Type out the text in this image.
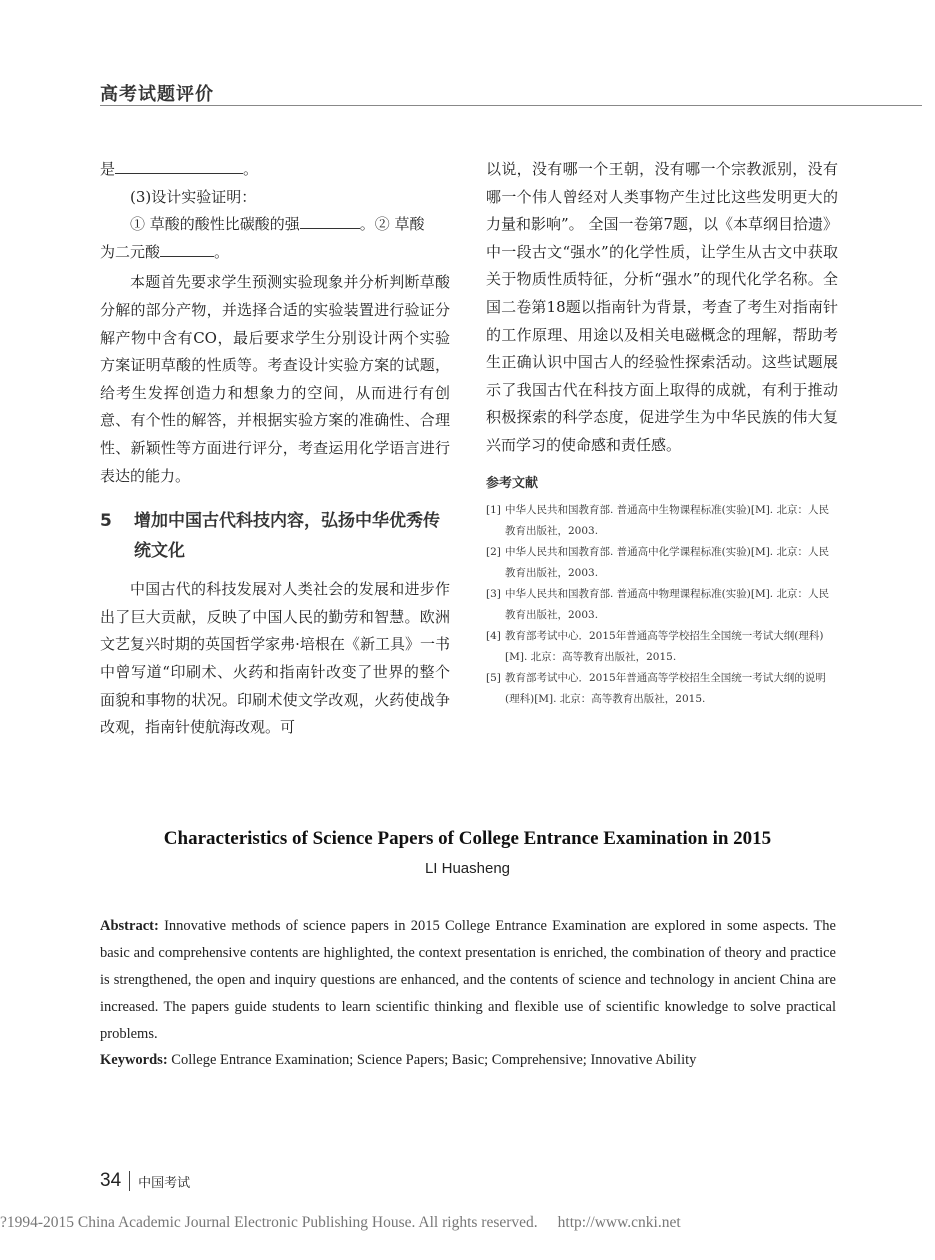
高考试题评价

是	。

(3)设计实验证明：

① 草酸的酸性比碳酸的强	。② 草酸

为二元酸	。

本题首先要求学生预测实验现象并分析判断草酸分解的部分产物，并选择合适的实验装置进行验证分解产物中含有CO，最后要求学生分别设计两个实验方案证明草酸的性质等。考查设计实验方案的试题，给考生发挥创造力和想象力的空间，从而进行有创意、有个性的解答，并根据实验方案的准确性、合理性、新颖性等方面进行评分，考查运用化学语言进行表达的能力。

5 增加中国古代科技内容，弘扬中华优秀传统文化

中国古代的科技发展对人类社会的发展和进步作出了巨大贡献，反映了中国人民的勤劳和智慧。欧洲文艺复兴时期的英国哲学家弗·培根在《新工具》一书中曾写道“印刷术、火药和指南针改变了世界的整个面貌和事物的状况。印刷术使文学改观，火药使战争改观，指南针使航海改观。可

以说，没有哪一个王朝，没有哪一个宗教派别，没有哪一个伟人曾经对人类事物产生过比这些发明更大的力量和影响”。 全国一卷第7题，以《本草纲目拾遗》中一段古文“强水”的化学性质，让学生从古文中获取关于物质性质特征，分析“强水”的现代化学名称。全国二卷第18题以指南针为背景，考查了考生对指南针的工作原理、用途以及相关电磁概念的理解，帮助考生正确认识中国古人的经验性探索活动。这些试题展示了我国古代在科技方面上取得的成就，有利于推动积极探索的科学态度，促进学生为中华民族的伟大复兴而学习的使命感和责任感。

参考文献
[1] 中华人民共和国教育部. 普通高中生物课程标准(实验)[M]. 北京：人民教育出版社，2003.
[2] 中华人民共和国教育部. 普通高中化学课程标准(实验)[M]. 北京：人民教育出版社，2003.
[3] 中华人民共和国教育部. 普通高中物理课程标准(实验)[M]. 北京：人民教育出版社，2003.
[4] 教育部考试中心．2015年普通高等学校招生全国统一考试大纲(理科)[M]. 北京：高等教育出版社，2015.
[5] 教育部考试中心．2015年普通高等学校招生全国统一考试大纲的说明(理科)[M]. 北京：高等教育出版社，2015.
Characteristics of Science Papers of College Entrance Examination in 2015
LI Huasheng
Abstract: Innovative methods of science papers in 2015 College Entrance Examination are explored in some aspects. The basic and comprehensive contents are highlighted, the context presentation is enriched, the combination of theory and practice is strengthened, the open and inquiry questions are enhanced, and the contents of science and technology in ancient China are increased. The papers guide students to learn scientific thinking and flexible use of scientific knowledge to solve practical problems.
Keywords: College Entrance Examination; Science Papers; Basic; Comprehensive; Innovative Ability
34 中国考试
?1994-2015 China Academic Journal Electronic Publishing House. All rights reserved. http://www.cnki.net
